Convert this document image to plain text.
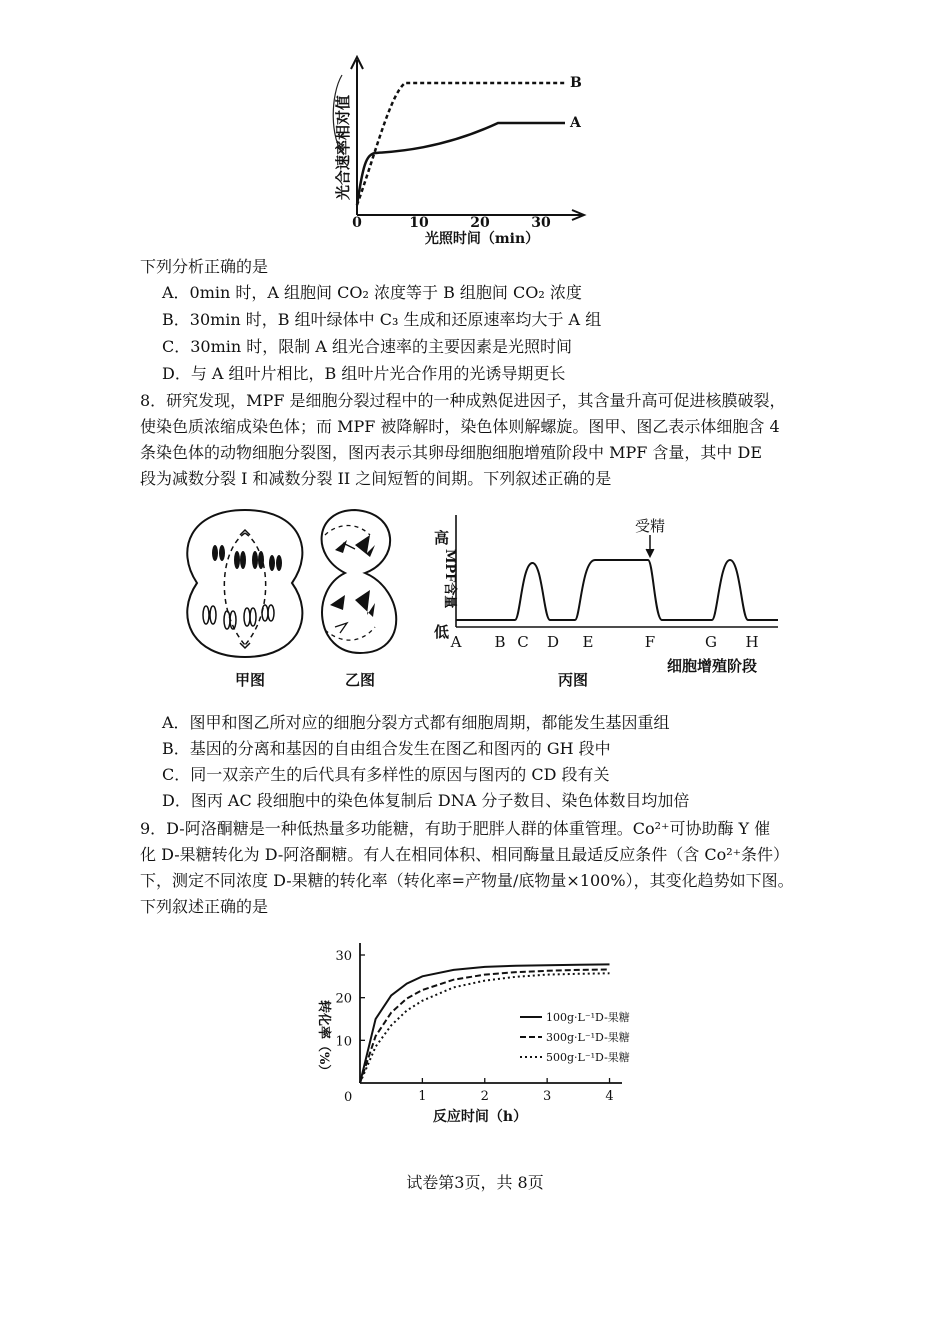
0	10	20	30
B
A
光合速率相对值
光照时间（min）
下列分析正确的是
A．0min 时，A 组胞间 CO₂ 浓度等于 B 组胞间 CO₂ 浓度
B．30min 时，B 组叶绿体中 C₃ 生成和还原速率均大于 A 组
C．30min 时，限制 A 组光合速率的主要因素是光照时间
D．与 A 组叶片相比，B 组叶片光合作用的光诱导期更长
8．研究发现，MPF 是细胞分裂过程中的一种成熟促进因子，其含量升高可促进核膜破裂，
使染色质浓缩成染色体；而 MPF 被降解时，染色体则解螺旋。图甲、图乙表示体细胞含 4
条染色体的动物细胞分裂图，图丙表示其卵母细胞细胞增殖阶段中 MPF 含量，其中 DE
段为减数分裂 I 和减数分裂 II 之间短暂的间期。下列叙述正确的是
受精
高
低
MPF含量
A B C D E	F	G H
细胞增殖阶段
甲图	乙图	丙图
A．图甲和图乙所对应的细胞分裂方式都有细胞周期，都能发生基因重组
B．基因的分离和基因的自由组合发生在图乙和图丙的 GH 段中
C．同一双亲产生的后代具有多样性的原因与图丙的 CD 段有关
D．图丙 AC 段细胞中的染色体复制后 DNA 分子数目、染色体数目均加倍
9．D-阿洛酮糖是一种低热量多功能糖，有助于肥胖人群的体重管理。Co²⁺可协助酶 Y 催
化 D-果糖转化为 D-阿洛酮糖。有人在相同体积、相同酶量且最适反应条件（含 Co²⁺条件）
下，测定不同浓度 D-果糖的转化率（转化率=产物量/底物量×100%），其变化趋势如下图。
下列叙述正确的是
0
10
20
30
1	2	3	4
100g·L⁻¹D-果糖
300g·L⁻¹D-果糖
500g·L⁻¹D-果糖
转化率（%）
反应时间（h）
试卷第3页，共 8页
